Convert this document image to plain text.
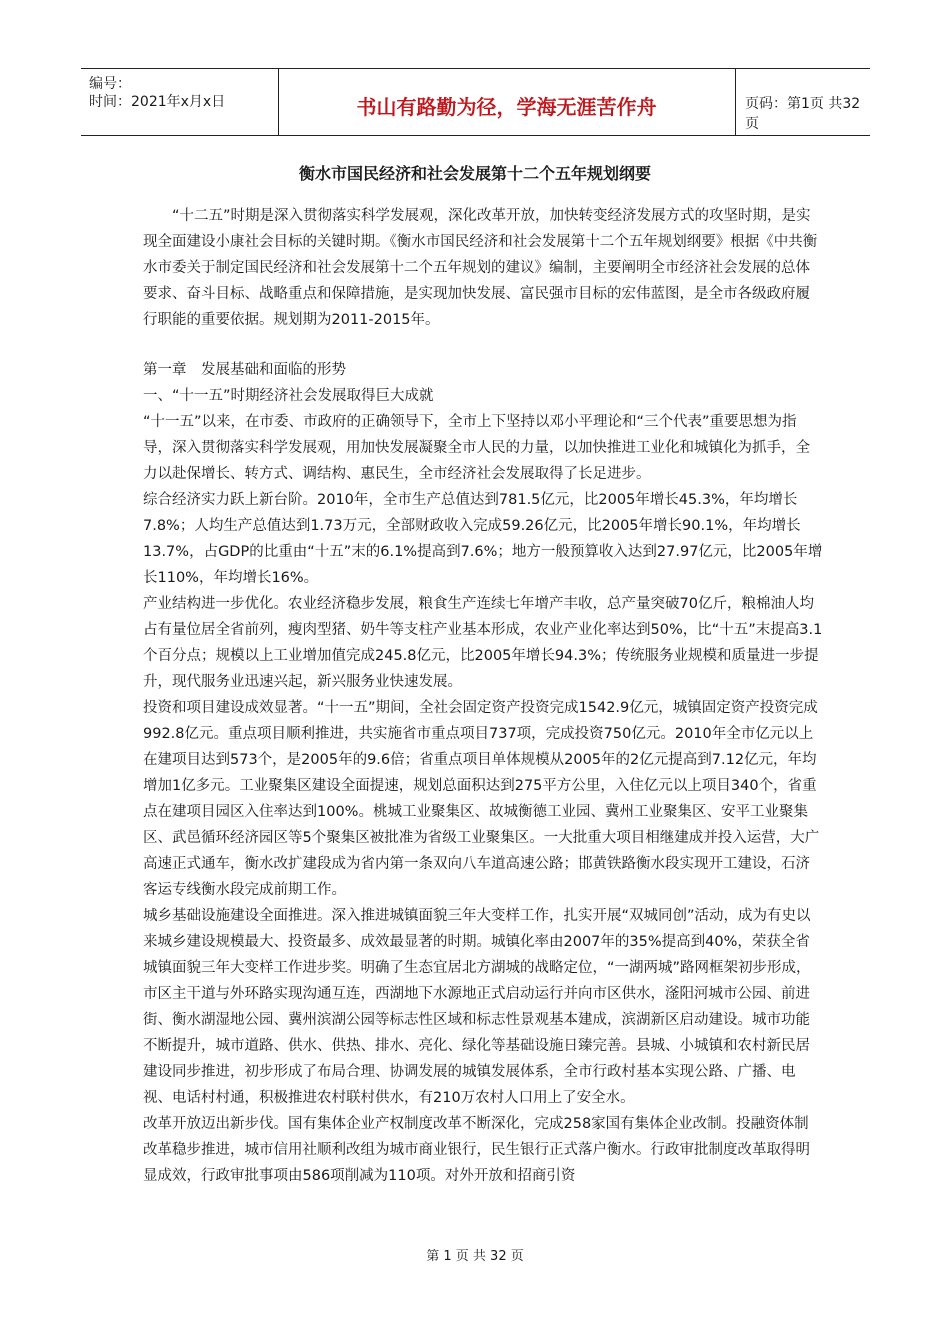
编号：
时间：2021年x月x日	书山有路勤为径，学海无涯苦作舟	页码：第1页 共32页
衡水市国民经济和社会发展第十二个五年规划纲要

“十二五”时期是深入贯彻落实科学发展观，深化改革开放，加快转变经济发展方式的攻坚时期，是实现全面建设小康社会目标的关键时期。《衡水市国民经济和社会发展第十二个五年规划纲要》根据《中共衡水市委关于制定国民经济和社会发展第十二个五年规划的建议》编制，主要阐明全市经济社会发展的总体要求、奋斗目标、战略重点和保障措施，是实现加快发展、富民强市目标的宏伟蓝图，是全市各级政府履行职能的重要依据。规划期为2011-2015年。

第一章　发展基础和面临的形势

一、“十一五”时期经济社会发展取得巨大成就

“十一五”以来，在市委、市政府的正确领导下，全市上下坚持以邓小平理论和“三个代表”重要思想为指导，深入贯彻落实科学发展观，用加快发展凝聚全市人民的力量，以加快推进工业化和城镇化为抓手，全力以赴保增长、转方式、调结构、惠民生，全市经济社会发展取得了长足进步。

综合经济实力跃上新台阶。2010年，全市生产总值达到781.5亿元，比2005年增长45.3%，年均增长7.8%；人均生产总值达到1.73万元，全部财政收入完成59.26亿元，比2005年增长90.1%，年均增长13.7%，占GDP的比重由“十五”末的6.1%提高到7.6%；地方一般预算收入达到27.97亿元，比2005年增长110%，年均增长16%。

产业结构进一步优化。农业经济稳步发展，粮食生产连续七年增产丰收，总产量突破70亿斤，粮棉油人均占有量位居全省前列，瘦肉型猪、奶牛等支柱产业基本形成，农业产业化率达到50%，比“十五”末提高3.1个百分点；规模以上工业增加值完成245.8亿元，比2005年增长94.3%；传统服务业规模和质量进一步提升，现代服务业迅速兴起，新兴服务业快速发展。

投资和项目建设成效显著。“十一五”期间，全社会固定资产投资完成1542.9亿元，城镇固定资产投资完成992.8亿元。重点项目顺利推进，共实施省市重点项目737项，完成投资750亿元。2010年全市亿元以上在建项目达到573个，是2005年的9.6倍；省重点项目单体规模从2005年的2亿元提高到7.12亿元，年均增加1亿多元。工业聚集区建设全面提速，规划总面积达到275平方公里，入住亿元以上项目340个，省重点在建项目园区入住率达到100%。桃城工业聚集区、故城衡德工业园、冀州工业聚集区、安平工业聚集区、武邑循环经济园区等5个聚集区被批准为省级工业聚集区。一大批重大项目相继建成并投入运营，大广高速正式通车，衡水改扩建段成为省内第一条双向八车道高速公路；邯黄铁路衡水段实现开工建设，石济客运专线衡水段完成前期工作。

城乡基础设施建设全面推进。深入推进城镇面貌三年大变样工作，扎实开展“双城同创”活动，成为有史以来城乡建设规模最大、投资最多、成效最显著的时期。城镇化率由2007年的35%提高到40%，荣获全省城镇面貌三年大变样工作进步奖。明确了生态宜居北方湖城的战略定位，“一湖两城”路网框架初步形成，市区主干道与外环路实现沟通互连，西湖地下水源地正式启动运行并向市区供水，滏阳河城市公园、前进街、衡水湖湿地公园、冀州滨湖公园等标志性区域和标志性景观基本建成，滨湖新区启动建设。城市功能不断提升，城市道路、供水、供热、排水、亮化、绿化等基础设施日臻完善。县城、小城镇和农村新民居建设同步推进，初步形成了布局合理、协调发展的城镇发展体系，全市行政村基本实现公路、广播、电视、电话村村通，积极推进农村联村供水，有210万农村人口用上了安全水。

改革开放迈出新步伐。国有集体企业产权制度改革不断深化，完成258家国有集体企业改制。投融资体制改革稳步推进，城市信用社顺利改组为城市商业银行，民生银行正式落户衡水。行政审批制度改革取得明显成效，行政审批事项由586项削减为110项。对外开放和招商引资

第 1 页 共 32 页
